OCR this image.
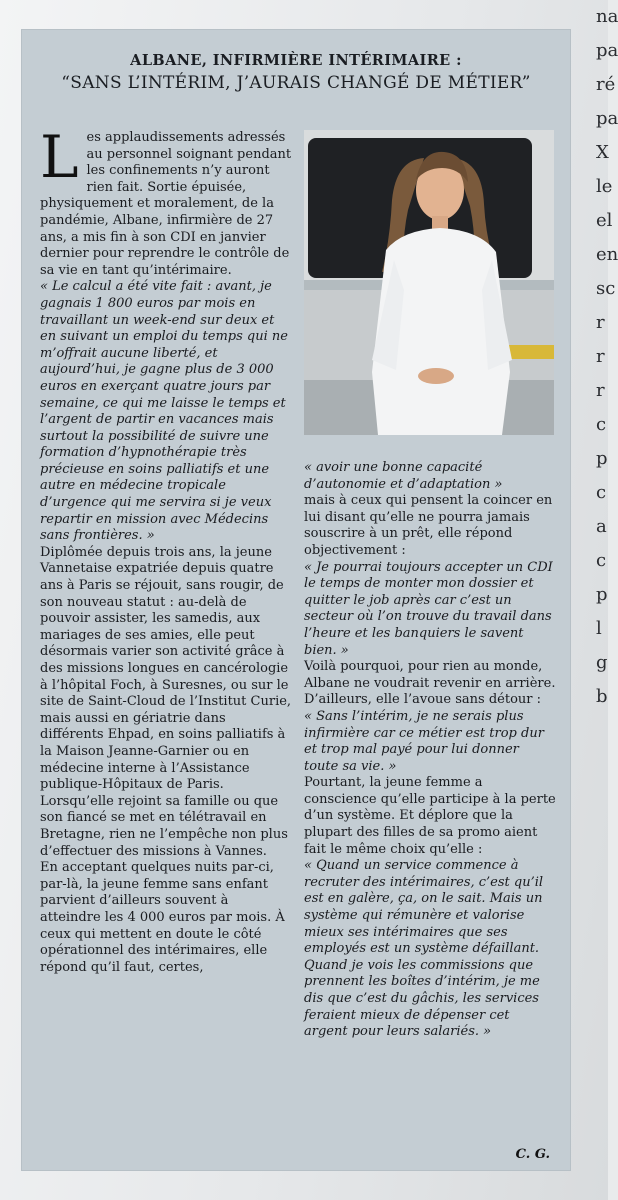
na
pa
ré
pa
X
le
el
en
sc
r
r
r
c
p
c
a
c
p
l
g
b
ALBANE, INFIRMIÈRE INTÉRIMAIRE :
“SANS L’INTÉRIM, J’AURAIS CHANGÉ DE MÉTIER”

Les applaudissements adressés au personnel soignant pendant les confinements n’y auront rien fait. Sortie épuisée, physiquement et moralement, de la pandémie, Albane, infirmière de 27 ans, a mis fin à son CDI en janvier dernier pour reprendre le contrôle de sa vie en tant qu’intérimaire.

« Le calcul a été vite fait : avant, je gagnais 1 800 euros par mois en travaillant un week-end sur deux et en suivant un emploi du temps qui ne m’offrait aucune liberté, et aujourd’hui, je gagne plus de 3 000 euros en exerçant quatre jours par semaine, ce qui me laisse le temps et l’argent de partir en vacances mais surtout la possibilité de suivre une formation d’hypnothérapie très précieuse en soins palliatifs et une autre en médecine tropicale d’urgence qui me servira si je veux repartir en mission avec Médecins sans frontières. »

Diplômée depuis trois ans, la jeune Vannetaise expatriée depuis quatre ans à Paris se réjouit, sans rougir, de son nouveau statut : au-delà de pouvoir assister, les samedis, aux mariages de ses amies, elle peut désormais varier son activité grâce à des missions longues en cancérologie à l’hôpital Foch, à Suresnes, ou sur le site de Saint-Cloud de l’Institut Curie, mais aussi en gériatrie dans différents Ehpad, en soins palliatifs à la Maison Jeanne-Garnier ou en médecine interne à l’Assistance publique-Hôpitaux de Paris.

Lorsqu’elle rejoint sa famille ou que son fiancé se met en télétravail en Bretagne, rien ne l’empêche non plus d’effectuer des missions à Vannes.

En acceptant quelques nuits par-ci, par-là, la jeune femme sans enfant parvient d’ailleurs souvent à atteindre les 4 000 euros par mois. À ceux qui mettent en doute le côté opérationnel des intérimaires, elle répond qu’il faut, certes,

« avoir une bonne capacité d’autonomie et d’adaptation »

mais à ceux qui pensent la coincer en lui disant qu’elle ne pourra jamais souscrire à un prêt, elle répond objectivement :

« Je pourrai toujours accepter un CDI le temps de monter mon dossier et quitter le job après car c’est un secteur où l’on trouve du travail dans l’heure et les banquiers le savent bien. »

Voilà pourquoi, pour rien au monde, Albane ne voudrait revenir en arrière. D’ailleurs, elle l’avoue sans détour :

« Sans l’intérim, je ne serais plus infirmière car ce métier est trop dur et trop mal payé pour lui donner toute sa vie. »

Pourtant, la jeune femme a conscience qu’elle participe à la perte d’un système. Et déplore que la plupart des filles de sa promo aient fait le même choix qu’elle :

« Quand un service commence à recruter des intérimaires, c’est qu’il est en galère, ça, on le sait. Mais un système qui rémunère et valorise mieux ses intérimaires que ses employés est un système défaillant. Quand je vois les commissions que prennent les boîtes d’intérim, je me dis que c’est du gâchis, les services feraient mieux de dépenser cet argent pour leurs salariés. »

C. G.
